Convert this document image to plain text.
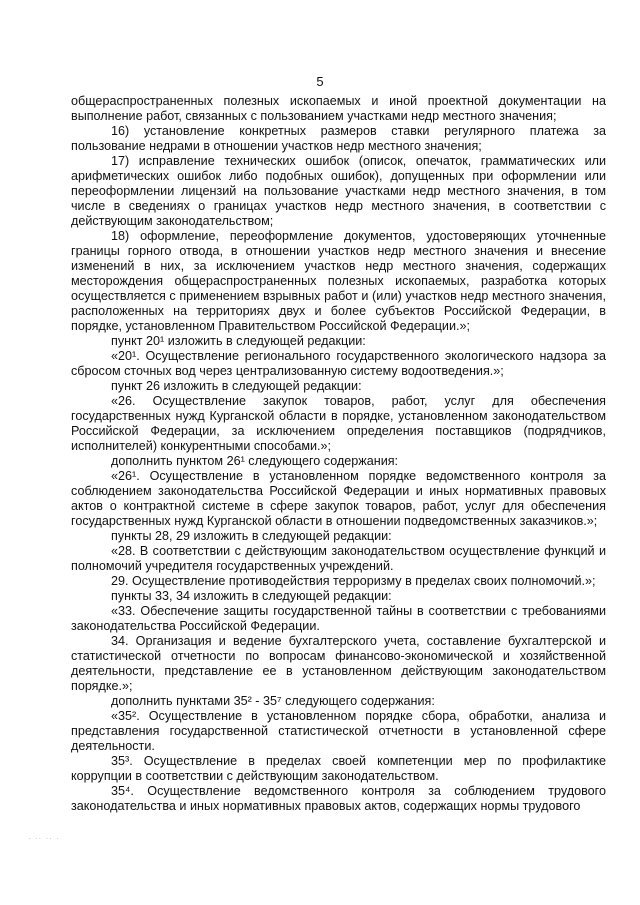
5

общераспространенных полезных ископаемых и иной проектной документации на выполнение работ, связанных с пользованием участками недр местного значения;

16) установление конкретных размеров ставки регулярного платежа за пользование недрами в отношении участков недр местного значения;

17) исправление технических ошибок (описок, опечаток, грамматических или арифметических ошибок либо подобных ошибок), допущенных при оформлении или переоформлении лицензий на пользование участками недр местного значения, в том числе в сведениях о границах участков недр местного значения, в соответствии с действующим законодательством;

18) оформление, переоформление документов, удостоверяющих уточненные границы горного отвода, в отношении участков недр местного значения и внесение изменений в них, за исключением участков недр местного значения, содержащих месторождения общераспространенных полезных ископаемых, разработка которых осуществляется с применением взрывных работ и (или) участков недр местного значения, расположенных на территориях двух и более субъектов Российской Федерации, в порядке, установленном Правительством Российской Федерации.»;

пункт 20¹ изложить в следующей редакции:

«20¹. Осуществление регионального государственного экологического надзора за сбросом сточных вод через централизованную систему водоотведения.»;

пункт 26 изложить в следующей редакции:

«26. Осуществление закупок товаров, работ, услуг для обеспечения государственных нужд Курганской области в порядке, установленном законодательством Российской Федерации, за исключением определения поставщиков (подрядчиков, исполнителей) конкурентными способами.»;

дополнить пунктом 26¹ следующего содержания:

«26¹. Осуществление в установленном порядке ведомственного контроля за соблюдением законодательства Российской Федерации и иных нормативных правовых актов о контрактной системе в сфере закупок товаров, работ, услуг для обеспечения государственных нужд Курганской области в отношении подведомственных заказчиков.»;

пункты 28, 29 изложить в следующей редакции:

«28. В соответствии с действующим законодательством осуществление функций и полномочий учредителя государственных учреждений.

29. Осуществление противодействия терроризму в пределах своих полномочий.»;

пункты 33, 34 изложить в следующей редакции:

«33. Обеспечение защиты государственной тайны в соответствии с требованиями законодательства Российской Федерации.

34. Организация и ведение бухгалтерского учета, составление бухгалтерской и статистической отчетности по вопросам финансово-экономической и хозяйственной деятельности, представление ее в установленном действующим законодательством порядке.»;

дополнить пунктами 35² - 35⁷ следующего содержания:

«35². Осуществление в установленном порядке сбора, обработки, анализа и представления государственной статистической отчетности в установленной сфере деятельности.

35³. Осуществление в пределах своей компетенции мер по профилактике коррупции в соответствии с действующим законодательством.

35⁴. Осуществление ведомственного контроля за соблюдением трудового законодательства и иных нормативных правовых актов, содержащих нормы трудового

· ·· ·· ·
